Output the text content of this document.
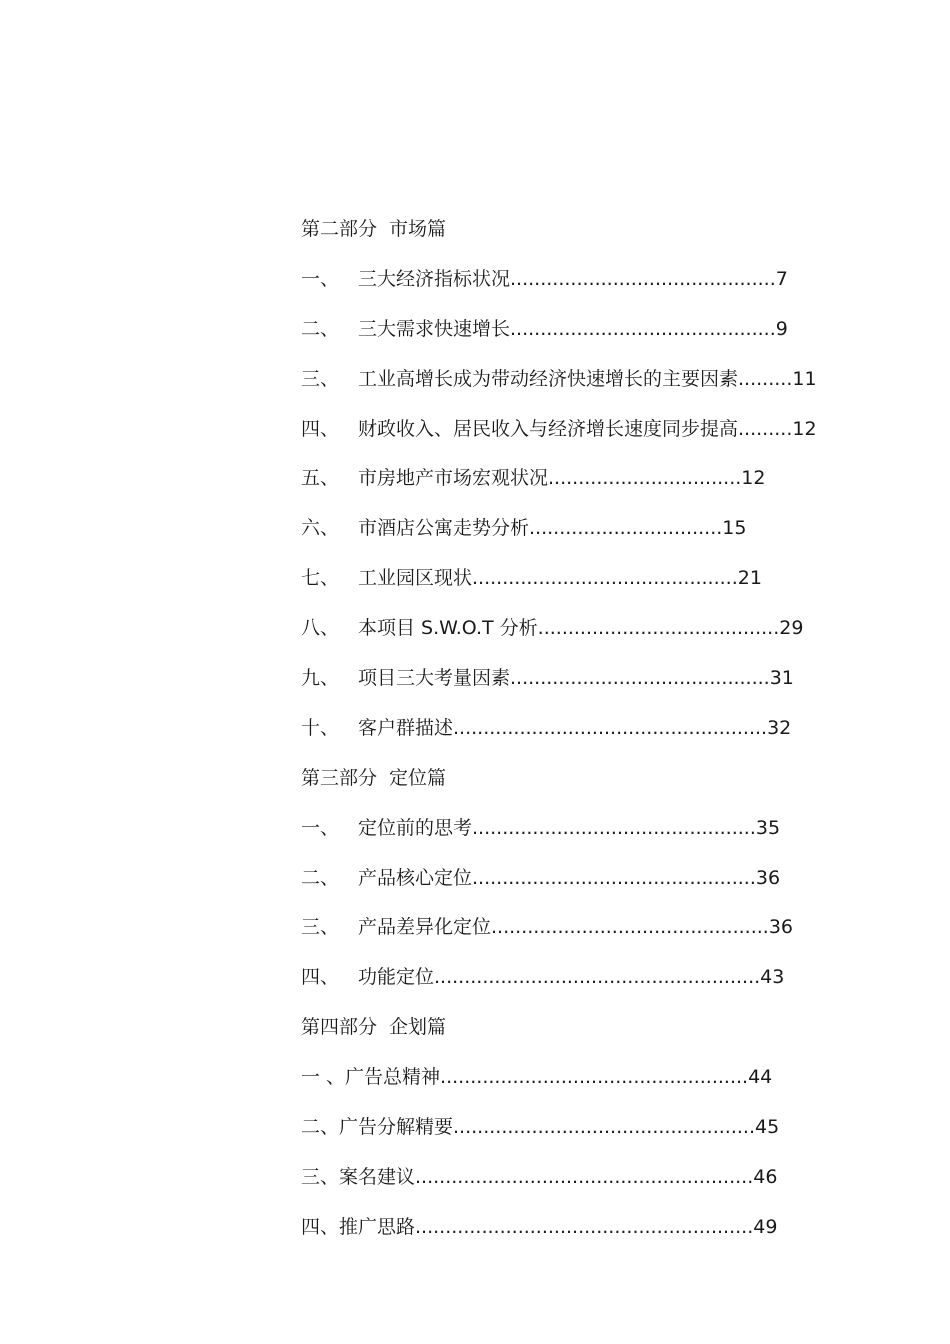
第二部分 市场篇
一、 三大经济指标状况............................................7
二、 三大需求快速增长............................................9
三、 工业高增长成为带动经济快速增长的主要因素.........11
四、 财政收入、居民收入与经济增长速度同步提高.........12
五、 市房地产市场宏观状况................................12
六、 市酒店公寓走势分析................................15
七、 工业园区现状............................................21
八、 本项目 S.W.O.T 分析........................................29
九、 项目三大考量因素...........................................31
十、 客户群描述....................................................32
第三部分 定位篇
一、 定位前的思考...............................................35
二、 产品核心定位...............................................36
三、 产品差异化定位..............................................36
四、 功能定位......................................................43
第四部分 企划篇
一 、广告总精神...................................................44
二、广告分解精要..................................................45
三、案名建议........................................................46
四、推广思路........................................................49
